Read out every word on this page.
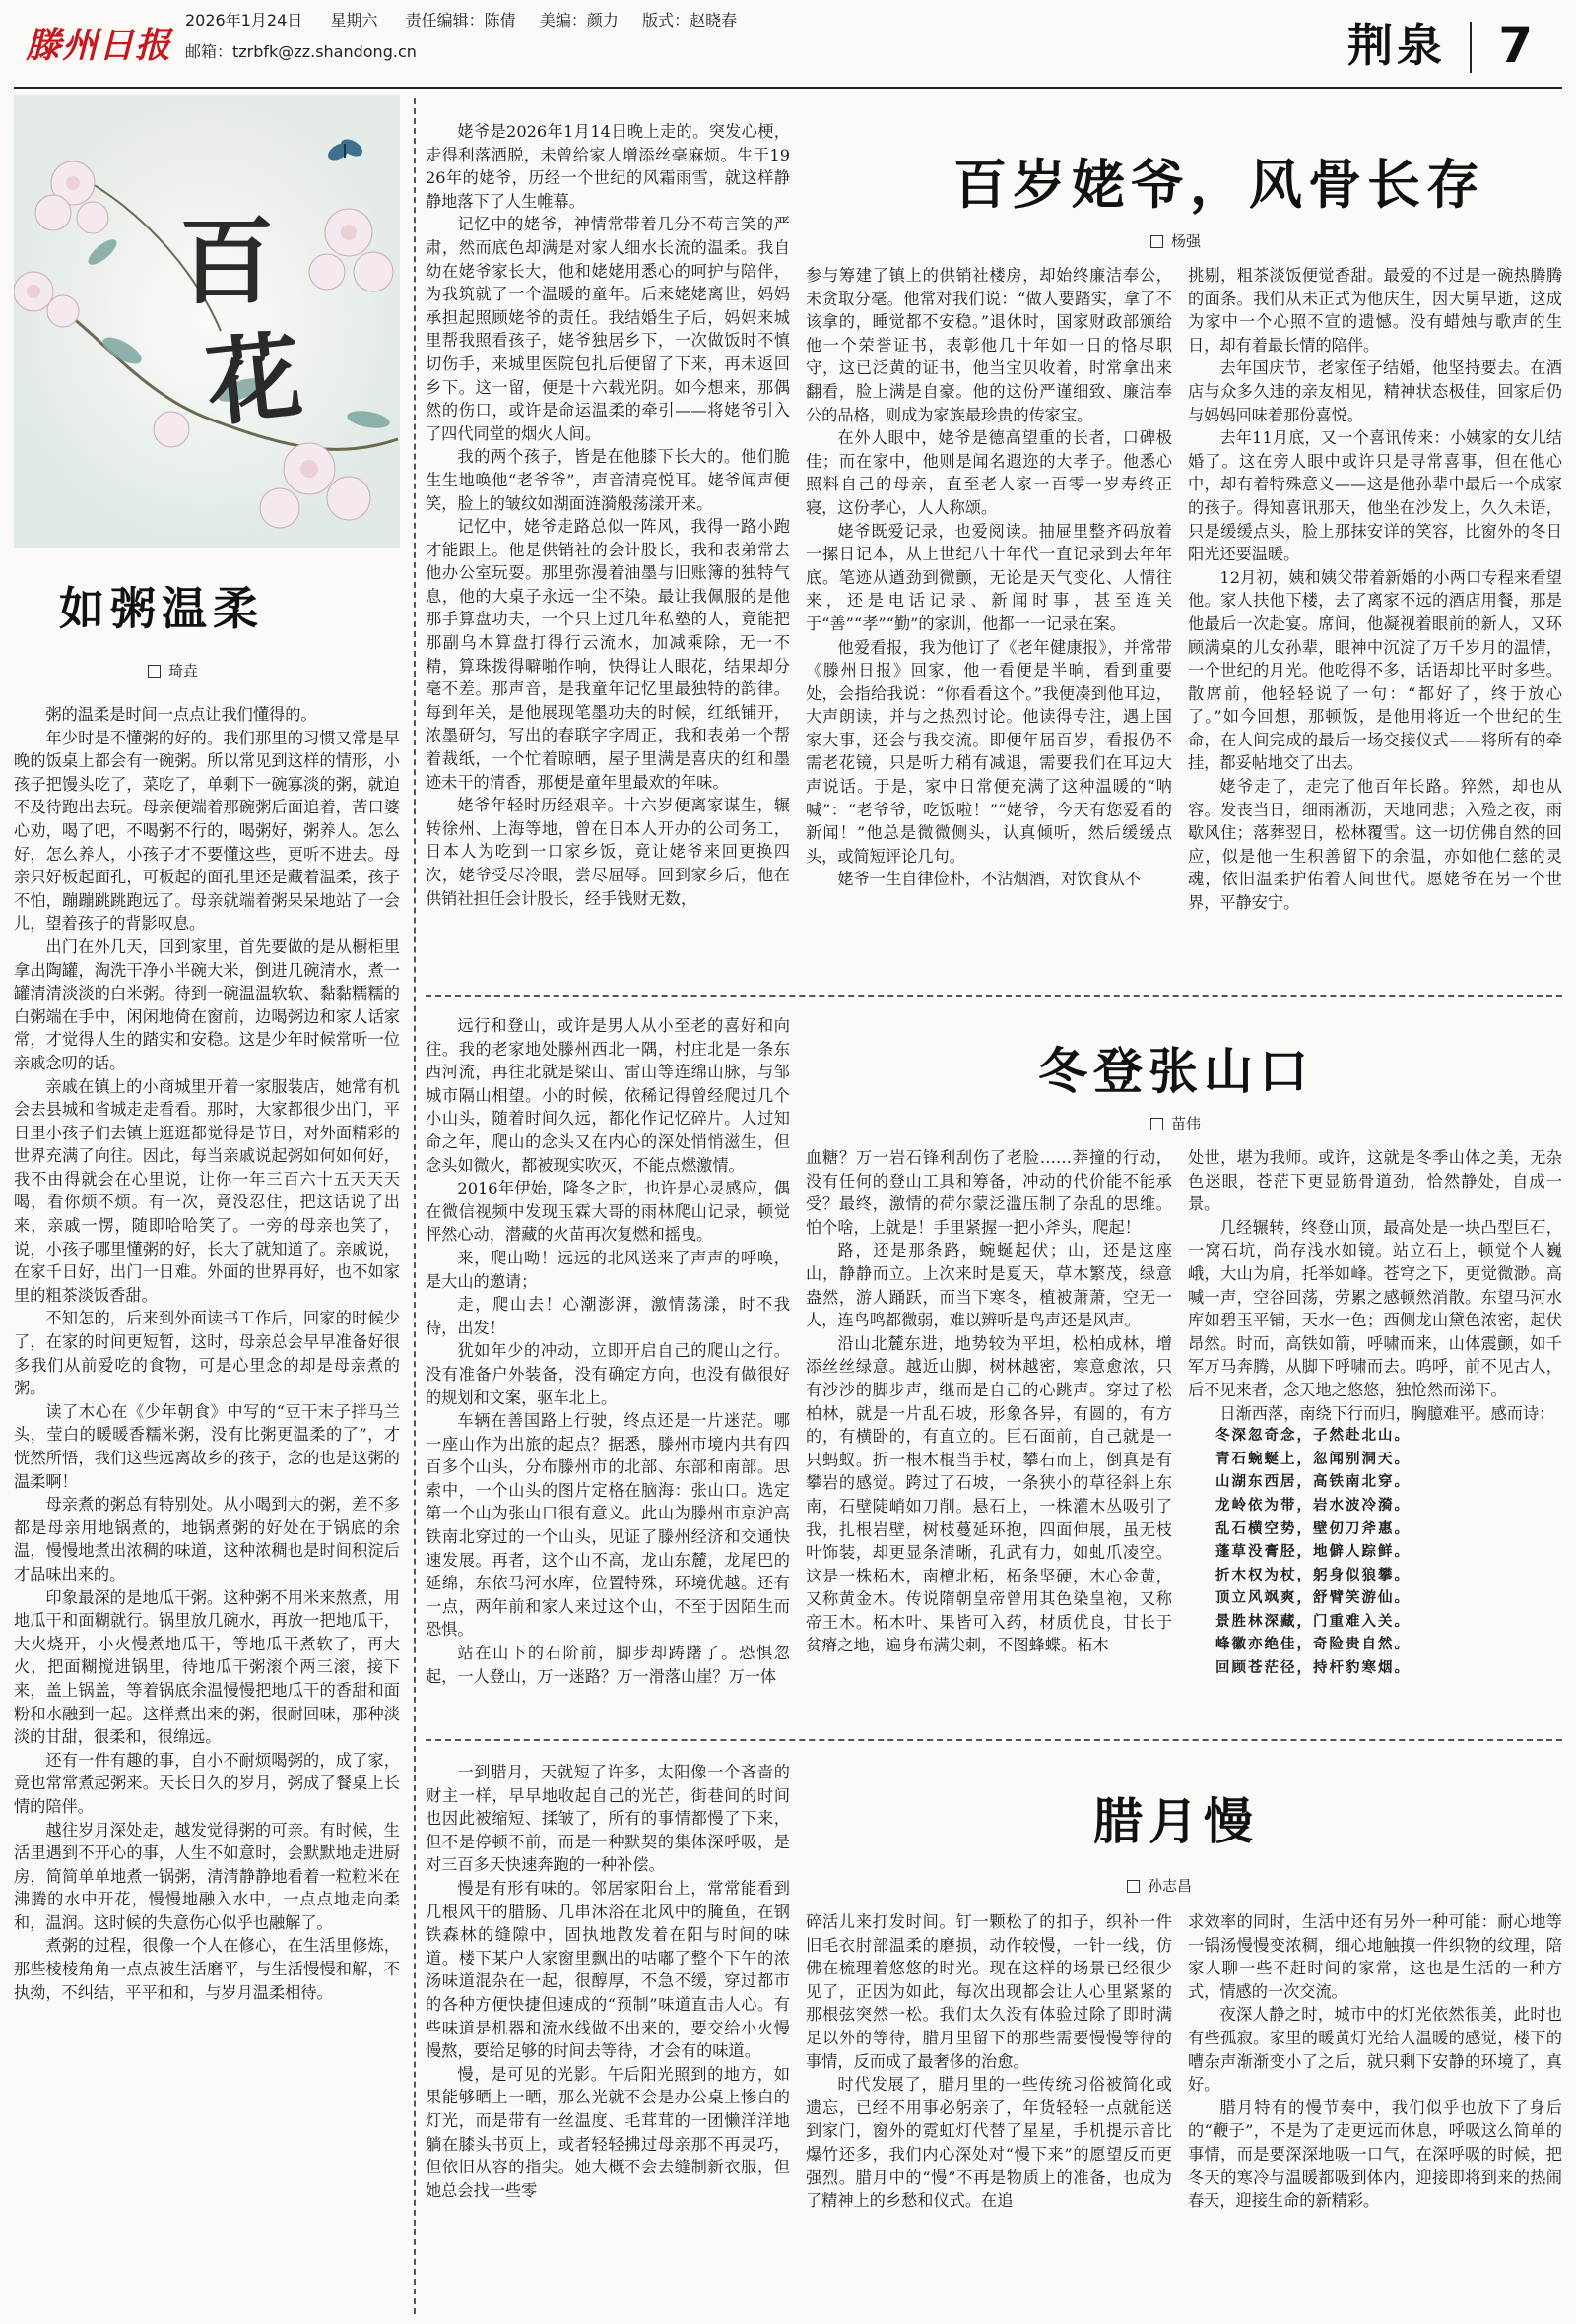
滕州日报
2026年1月24日 星期六 责任编辑：陈倩 美编：颜力 版式：赵晓春
邮箱：tzrbfk@zz.shandong.cn	荆泉 7
百
花
如粥温柔
琦垚

粥的温柔是时间一点点让我们懂得的。

年少时是不懂粥的好的。我们那里的习惯又常是早晚的饭桌上都会有一碗粥。所以常见到这样的情形，小孩子把馒头吃了，菜吃了，单剩下一碗寡淡的粥，就迫不及待跑出去玩。母亲便端着那碗粥后面追着，苦口婆心劝，喝了吧，不喝粥不行的，喝粥好，粥养人。怎么好，怎么养人，小孩子才不要懂这些，更听不进去。母亲只好板起面孔，可板起的面孔里还是藏着温柔，孩子不怕，蹦蹦跳跳跑远了。母亲就端着粥呆呆地站了一会儿，望着孩子的背影叹息。

出门在外几天，回到家里，首先要做的是从橱柜里拿出陶罐，淘洗干净小半碗大米，倒进几碗清水，煮一罐清清淡淡的白米粥。待到一碗温温软软、黏黏糯糯的白粥端在手中，闲闲地倚在窗前，边喝粥边和家人话家常，才觉得人生的踏实和安稳。这是少年时候常听一位亲戚念叨的话。

亲戚在镇上的小商城里开着一家服装店，她常有机会去县城和省城走走看看。那时，大家都很少出门，平日里小孩子们去镇上逛逛都觉得是节日，对外面精彩的世界充满了向往。因此，每当亲戚说起粥如何如何好，我不由得就会在心里说，让你一年三百六十五天天天喝，看你烦不烦。有一次，竟没忍住，把这话说了出来，亲戚一愣，随即哈哈笑了。一旁的母亲也笑了，说，小孩子哪里懂粥的好，长大了就知道了。亲戚说，在家千日好，出门一日难。外面的世界再好，也不如家里的粗茶淡饭香甜。

不知怎的，后来到外面读书工作后，回家的时候少了，在家的时间更短暂，这时，母亲总会早早准备好很多我们从前爱吃的食物，可是心里念的却是母亲煮的粥。

读了木心在《少年朝食》中写的“豆干末子拌马兰头，莹白的暖暖香糯米粥，没有比粥更温柔的了”，才恍然所悟，我们这些远离故乡的孩子，念的也是这粥的温柔啊！

母亲煮的粥总有特别处。从小喝到大的粥，差不多都是母亲用地锅煮的，地锅煮粥的好处在于锅底的余温，慢慢地煮出浓稠的味道，这种浓稠也是时间积淀后才品味出来的。

印象最深的是地瓜干粥。这种粥不用米来熬煮，用地瓜干和面糊就行。锅里放几碗水，再放一把地瓜干，大火烧开，小火慢煮地瓜干，等地瓜干煮软了，再大火，把面糊搅进锅里，待地瓜干粥滚个两三滚，接下来，盖上锅盖，等着锅底余温慢慢把地瓜干的香甜和面粉和水融到一起。这样煮出来的粥，很耐回味，那种淡淡的甘甜，很柔和，很绵远。

还有一件有趣的事，自小不耐烦喝粥的，成了家，竟也常常煮起粥来。天长日久的岁月，粥成了餐桌上长情的陪伴。

越往岁月深处走，越发觉得粥的可亲。有时候，生活里遇到不开心的事，人生不如意时，会默默地走进厨房，简简单单地煮一锅粥，清清静静地看着一粒粒米在沸腾的水中开花，慢慢地融入水中，一点点地走向柔和，温润。这时候的失意伤心似乎也融解了。

煮粥的过程，很像一个人在修心，在生活里修炼，那些棱棱角角一点点被生活磨平，与生活慢慢和解，不执拗，不纠结，平平和和，与岁月温柔相待。

百岁姥爷，风骨长存
杨强

姥爷是2026年1月14日晚上走的。突发心梗，走得利落洒脱，未曾给家人增添丝毫麻烦。生于1926年的姥爷，历经一个世纪的风霜雨雪，就这样静静地落下了人生帷幕。

记忆中的姥爷，神情常带着几分不苟言笑的严肃，然而底色却满是对家人细水长流的温柔。我自幼在姥爷家长大，他和姥姥用悉心的呵护与陪伴，为我筑就了一个温暖的童年。后来姥姥离世，妈妈承担起照顾姥爷的责任。我结婚生子后，妈妈来城里帮我照看孩子，姥爷独居乡下，一次做饭时不慎切伤手，来城里医院包扎后便留了下来，再未返回乡下。这一留，便是十六载光阴。如今想来，那偶然的伤口，或许是命运温柔的牵引——将姥爷引入了四代同堂的烟火人间。

我的两个孩子，皆是在他膝下长大的。他们脆生生地唤他“老爷爷”，声音清亮悦耳。姥爷闻声便笑，脸上的皱纹如湖面涟漪般荡漾开来。

记忆中，姥爷走路总似一阵风，我得一路小跑才能跟上。他是供销社的会计股长，我和表弟常去他办公室玩耍。那里弥漫着油墨与旧账簿的独特气息，他的大桌子永远一尘不染。最让我佩服的是他那手算盘功夫，一个只上过几年私塾的人，竟能把那副乌木算盘打得行云流水，加减乘除，无一不精，算珠拨得噼啪作响，快得让人眼花，结果却分毫不差。那声音，是我童年记忆里最独特的韵律。每到年关，是他展现笔墨功夫的时候，红纸铺开，浓墨研匀，写出的春联字字周正，我和表弟一个帮着裁纸，一个忙着晾晒，屋子里满是喜庆的红和墨迹未干的清香，那便是童年里最欢的年味。

姥爷年轻时历经艰辛。十六岁便离家谋生，辗转徐州、上海等地，曾在日本人开办的公司务工，日本人为吃到一口家乡饭，竟让姥爷来回更换四次，姥爷受尽冷眼，尝尽屈辱。回到家乡后，他在供销社担任会计股长，经手钱财无数，

参与筹建了镇上的供销社楼房，却始终廉洁奉公，未贪取分毫。他常对我们说：“做人要踏实，拿了不该拿的，睡觉都不安稳。”退休时，国家财政部颁给他一个荣誉证书，表彰他几十年如一日的恪尽职守，这已泛黄的证书，他当宝贝收着，时常拿出来翻看，脸上满是自豪。他的这份严谨细致、廉洁奉公的品格，则成为家族最珍贵的传家宝。

在外人眼中，姥爷是德高望重的长者，口碑极佳；而在家中，他则是闻名遐迩的大孝子。他悉心照料自己的母亲，直至老人家一百零一岁寿终正寝，这份孝心，人人称颂。

姥爷既爱记录，也爱阅读。抽屉里整齐码放着一摞日记本，从上世纪八十年代一直记录到去年年底。笔迹从遒劲到微颤，无论是天气变化、人情往来，还是电话记录、新闻时事，甚至连关于“善”“孝”“勤”的家训，他都一一记录在案。

他爱看报，我为他订了《老年健康报》，并常带《滕州日报》回家，他一看便是半晌，看到重要处，会指给我说：“你看看这个。”我便凑到他耳边，大声朗读，并与之热烈讨论。他读得专注，遇上国家大事，还会与我交流。即便年届百岁，看报仍不需老花镜，只是听力稍有减退，需要我们在耳边大声说话。于是，家中日常便充满了这种温暖的“呐喊”：“老爷爷，吃饭啦！”“姥爷，今天有您爱看的新闻！”他总是微微侧头，认真倾听，然后缓缓点头，或简短评论几句。

姥爷一生自律俭朴，不沾烟酒，对饮食从不

挑剔，粗茶淡饭便觉香甜。最爱的不过是一碗热腾腾的面条。我们从未正式为他庆生，因大舅早逝，这成为家中一个心照不宣的遗憾。没有蜡烛与歌声的生日，却有着最长情的陪伴。

去年国庆节，老家侄子结婚，他坚持要去。在酒店与众多久违的亲友相见，精神状态极佳，回家后仍与妈妈回味着那份喜悦。

去年11月底，又一个喜讯传来：小姨家的女儿结婚了。这在旁人眼中或许只是寻常喜事，但在他心中，却有着特殊意义——这是他孙辈中最后一个成家的孩子。得知喜讯那天，他坐在沙发上，久久未语，只是缓缓点头，脸上那抹安详的笑容，比窗外的冬日阳光还要温暖。

12月初，姨和姨父带着新婚的小两口专程来看望他。家人扶他下楼，去了离家不远的酒店用餐，那是他最后一次赴宴。席间，他凝视着眼前的新人，又环顾满桌的儿女孙辈，眼神中沉淀了万千岁月的温情，一个世纪的月光。他吃得不多，话语却比平时多些。散席前，他轻轻说了一句：“都好了，终于放心了。”如今回想，那顿饭，是他用将近一个世纪的生命，在人间完成的最后一场交接仪式——将所有的牵挂，都妥帖地交了出去。

姥爷走了，走完了他百年长路。猝然，却也从容。发丧当日，细雨淅沥，天地同悲；入殓之夜，雨歇风住；落葬翌日，松林覆雪。这一切仿佛自然的回应，似是他一生积善留下的余温，亦如他仁慈的灵魂，依旧温柔护佑着人间世代。愿姥爷在另一个世界，平静安宁。

冬登张山口
苗伟

远行和登山，或许是男人从小至老的喜好和向往。我的老家地处滕州西北一隅，村庄北是一条东西河流，再往北就是梁山、雷山等连绵山脉，与邹城市隔山相望。小的时候，依稀记得曾经爬过几个小山头，随着时间久远，都化作记忆碎片。人过知命之年，爬山的念头又在内心的深处悄悄滋生，但念头如微火，都被现实吹灭，不能点燃激情。

2016年伊始，隆冬之时，也许是心灵感应，偶在微信视频中发现玉霖大哥的雨林爬山记录，顿觉怦然心动，潜藏的火苗再次复燃和摇曳。

来，爬山呦！远远的北风送来了声声的呼唤，是大山的邀请；

走，爬山去！心潮澎湃，激情荡漾，时不我待，出发！

犹如年少的冲动，立即开启自己的爬山之行。没有准备户外装备，没有确定方向，也没有做很好的规划和文案，驱车北上。

车辆在善国路上行驶，终点还是一片迷茫。哪一座山作为出旅的起点？据悉，滕州市境内共有四百多个山头，分布滕州市的北部、东部和南部。思索中，一个山头的图片定格在脑海：张山口。选定第一个山为张山口很有意义。此山为滕州市京沪高铁南北穿过的一个山头，见证了滕州经济和交通快速发展。再者，这个山不高，龙山东麓，龙尾巴的延绵，东依马河水库，位置特殊，环境优越。还有一点，两年前和家人来过这个山，不至于因陌生而恐惧。

站在山下的石阶前，脚步却踌躇了。恐惧忽起，一人登山，万一迷路？万一滑落山崖？万一体

血糖？万一岩石锋利刮伤了老脸……莽撞的行动，没有任何的登山工具和筹备，冲动的代价能不能承受？最终，激情的荷尔蒙泛滥压制了杂乱的思维。怕个啥，上就是！手里紧握一把小斧头，爬起！

路，还是那条路，蜿蜒起伏；山，还是这座山，静静而立。上次来时是夏天，草木繁茂，绿意盎然，游人踊跃，而当下寒冬，植被萧萧，空无一人，连鸟鸣都微弱，难以辨听是鸟声还是风声。

沿山北麓东进，地势较为平坦，松柏成林，增添丝丝绿意。越近山脚，树林越密，寒意愈浓，只有沙沙的脚步声，继而是自己的心跳声。穿过了松柏林，就是一片乱石坡，形象各异，有圆的，有方的，有横卧的，有直立的。巨石面前，自己就是一只蚂蚁。折一根木棍当手杖，攀石而上，倒真是有攀岩的感觉。跨过了石坡，一条狭小的草径斜上东南，石壁陡峭如刀削。悬石上，一株灌木丛吸引了我，扎根岩壁，树枝蔓延环抱，四面伸展，虽无枝叶饰装，却更显条清晰，孔武有力，如虬爪凌空。这是一株柘木，南檀北柘，柘条坚硬，木心金黄，又称黄金木。传说隋朝皇帝曾用其色染皇袍，又称帝王木。柘木叶、果皆可入药，材质优良，甘长于贫瘠之地，遍身布满尖刺，不图蜂蝶。柘木

处世，堪为我师。或许，这就是冬季山体之美，无杂色迷眼，苍茫下更显筋骨道劲，恰然静处，自成一景。

几经辗转，终登山顶，最高处是一块凸型巨石，一窝石坑，尚存浅水如镜。站立石上，顿觉个人巍峨，大山为肩，托举如峰。苍穹之下，更觉微渺。高喊一声，空谷回荡，劳累之感顿然消散。东望马河水库如碧玉平铺，天水一色；西侧龙山黛色浓密，起伏昂然。时而，高铁如箭，呼啸而来，山体震颤，如千军万马奔腾，从脚下呼啸而去。呜呼，前不见古人，后不见来者，念天地之悠悠，独怆然而涕下。

日渐西落，南绕下行而归，胸臆难平。感而诗：

冬深忽奇念，子然赴北山。

青石蜿蜒上，忽闻别洞天。

山湖东西居，高铁南北穿。

龙岭依为带，岩水波冷漪。

乱石横空势，壁仞刀斧惠。

蓬草没膏胫，地僻人踪鲜。

折木权为杖，躬身似狼攀。

顶立风飒爽，舒臂笑游仙。

景胜林深藏，门重难入关。

峰徽亦绝佳，奇险贵自然。

回顾苍茫径，持杆豹寒烟。

腊月慢
孙志昌

一到腊月，天就短了许多，太阳像一个吝啬的财主一样，早早地收起自己的光芒，街巷间的时间也因此被缩短、揉皱了，所有的事情都慢了下来，但不是停顿不前，而是一种默契的集体深呼吸，是对三百多天快速奔跑的一种补偿。

慢是有形有味的。邻居家阳台上，常常能看到几根风干的腊肠、几串沐浴在北风中的腌鱼，在钢铁森林的缝隙中，固执地散发着在阳与时间的味道。楼下某户人家窗里飘出的咕嘟了整个下午的浓汤味道混杂在一起，很醇厚，不急不缓，穿过都市的各种方便快捷但速成的“预制”味道直击人心。有些味道是机器和流水线做不出来的，要交给小火慢慢熬，要给足够的时间去等待，才会有的味道。

慢，是可见的光影。午后阳光照到的地方，如果能够晒上一晒，那么光就不会是办公桌上惨白的灯光，而是带有一丝温度、毛茸茸的一团懒洋洋地躺在膝头书页上，或者轻轻拂过母亲那不再灵巧，但依旧从容的指尖。她大概不会去缝制新衣服，但她总会找一些零

碎活儿来打发时间。钉一颗松了的扣子，织补一件旧毛衣肘部温柔的磨损，动作较慢，一针一线，仿佛在梳理着悠悠的时光。现在这样的场景已经很少见了，正因为如此，每次出现都会让人心里紧紧的那根弦突然一松。我们太久没有体验过除了即时满足以外的等待，腊月里留下的那些需要慢慢等待的事情，反而成了最奢侈的治愈。

时代发展了，腊月里的一些传统习俗被简化或遗忘，已经不用事必躬亲了，年货轻轻一点就能送到家门，窗外的霓虹灯代替了星星，手机提示音比爆竹还多，我们内心深处对“慢下来”的愿望反而更强烈。腊月中的“慢”不再是物质上的准备，也成为了精神上的乡愁和仪式。在追

求效率的同时，生活中还有另外一种可能：耐心地等一锅汤慢慢变浓稠，细心地触摸一件织物的纹理，陪家人聊一些不赶时间的家常，这也是生活的一种方式，情感的一次交流。

夜深人静之时，城市中的灯光依然很美，此时也有些孤寂。家里的暖黄灯光给人温暖的感觉，楼下的嘈杂声渐渐变小了之后，就只剩下安静的环境了，真好。

腊月特有的慢节奏中，我们似乎也放下了身后的“鞭子”，不是为了走更远而休息，呼吸这么简单的事情，而是要深深地吸一口气，在深呼吸的时候，把冬天的寒冷与温暖都吸到体内，迎接即将到来的热闹春天，迎接生命的新精彩。
